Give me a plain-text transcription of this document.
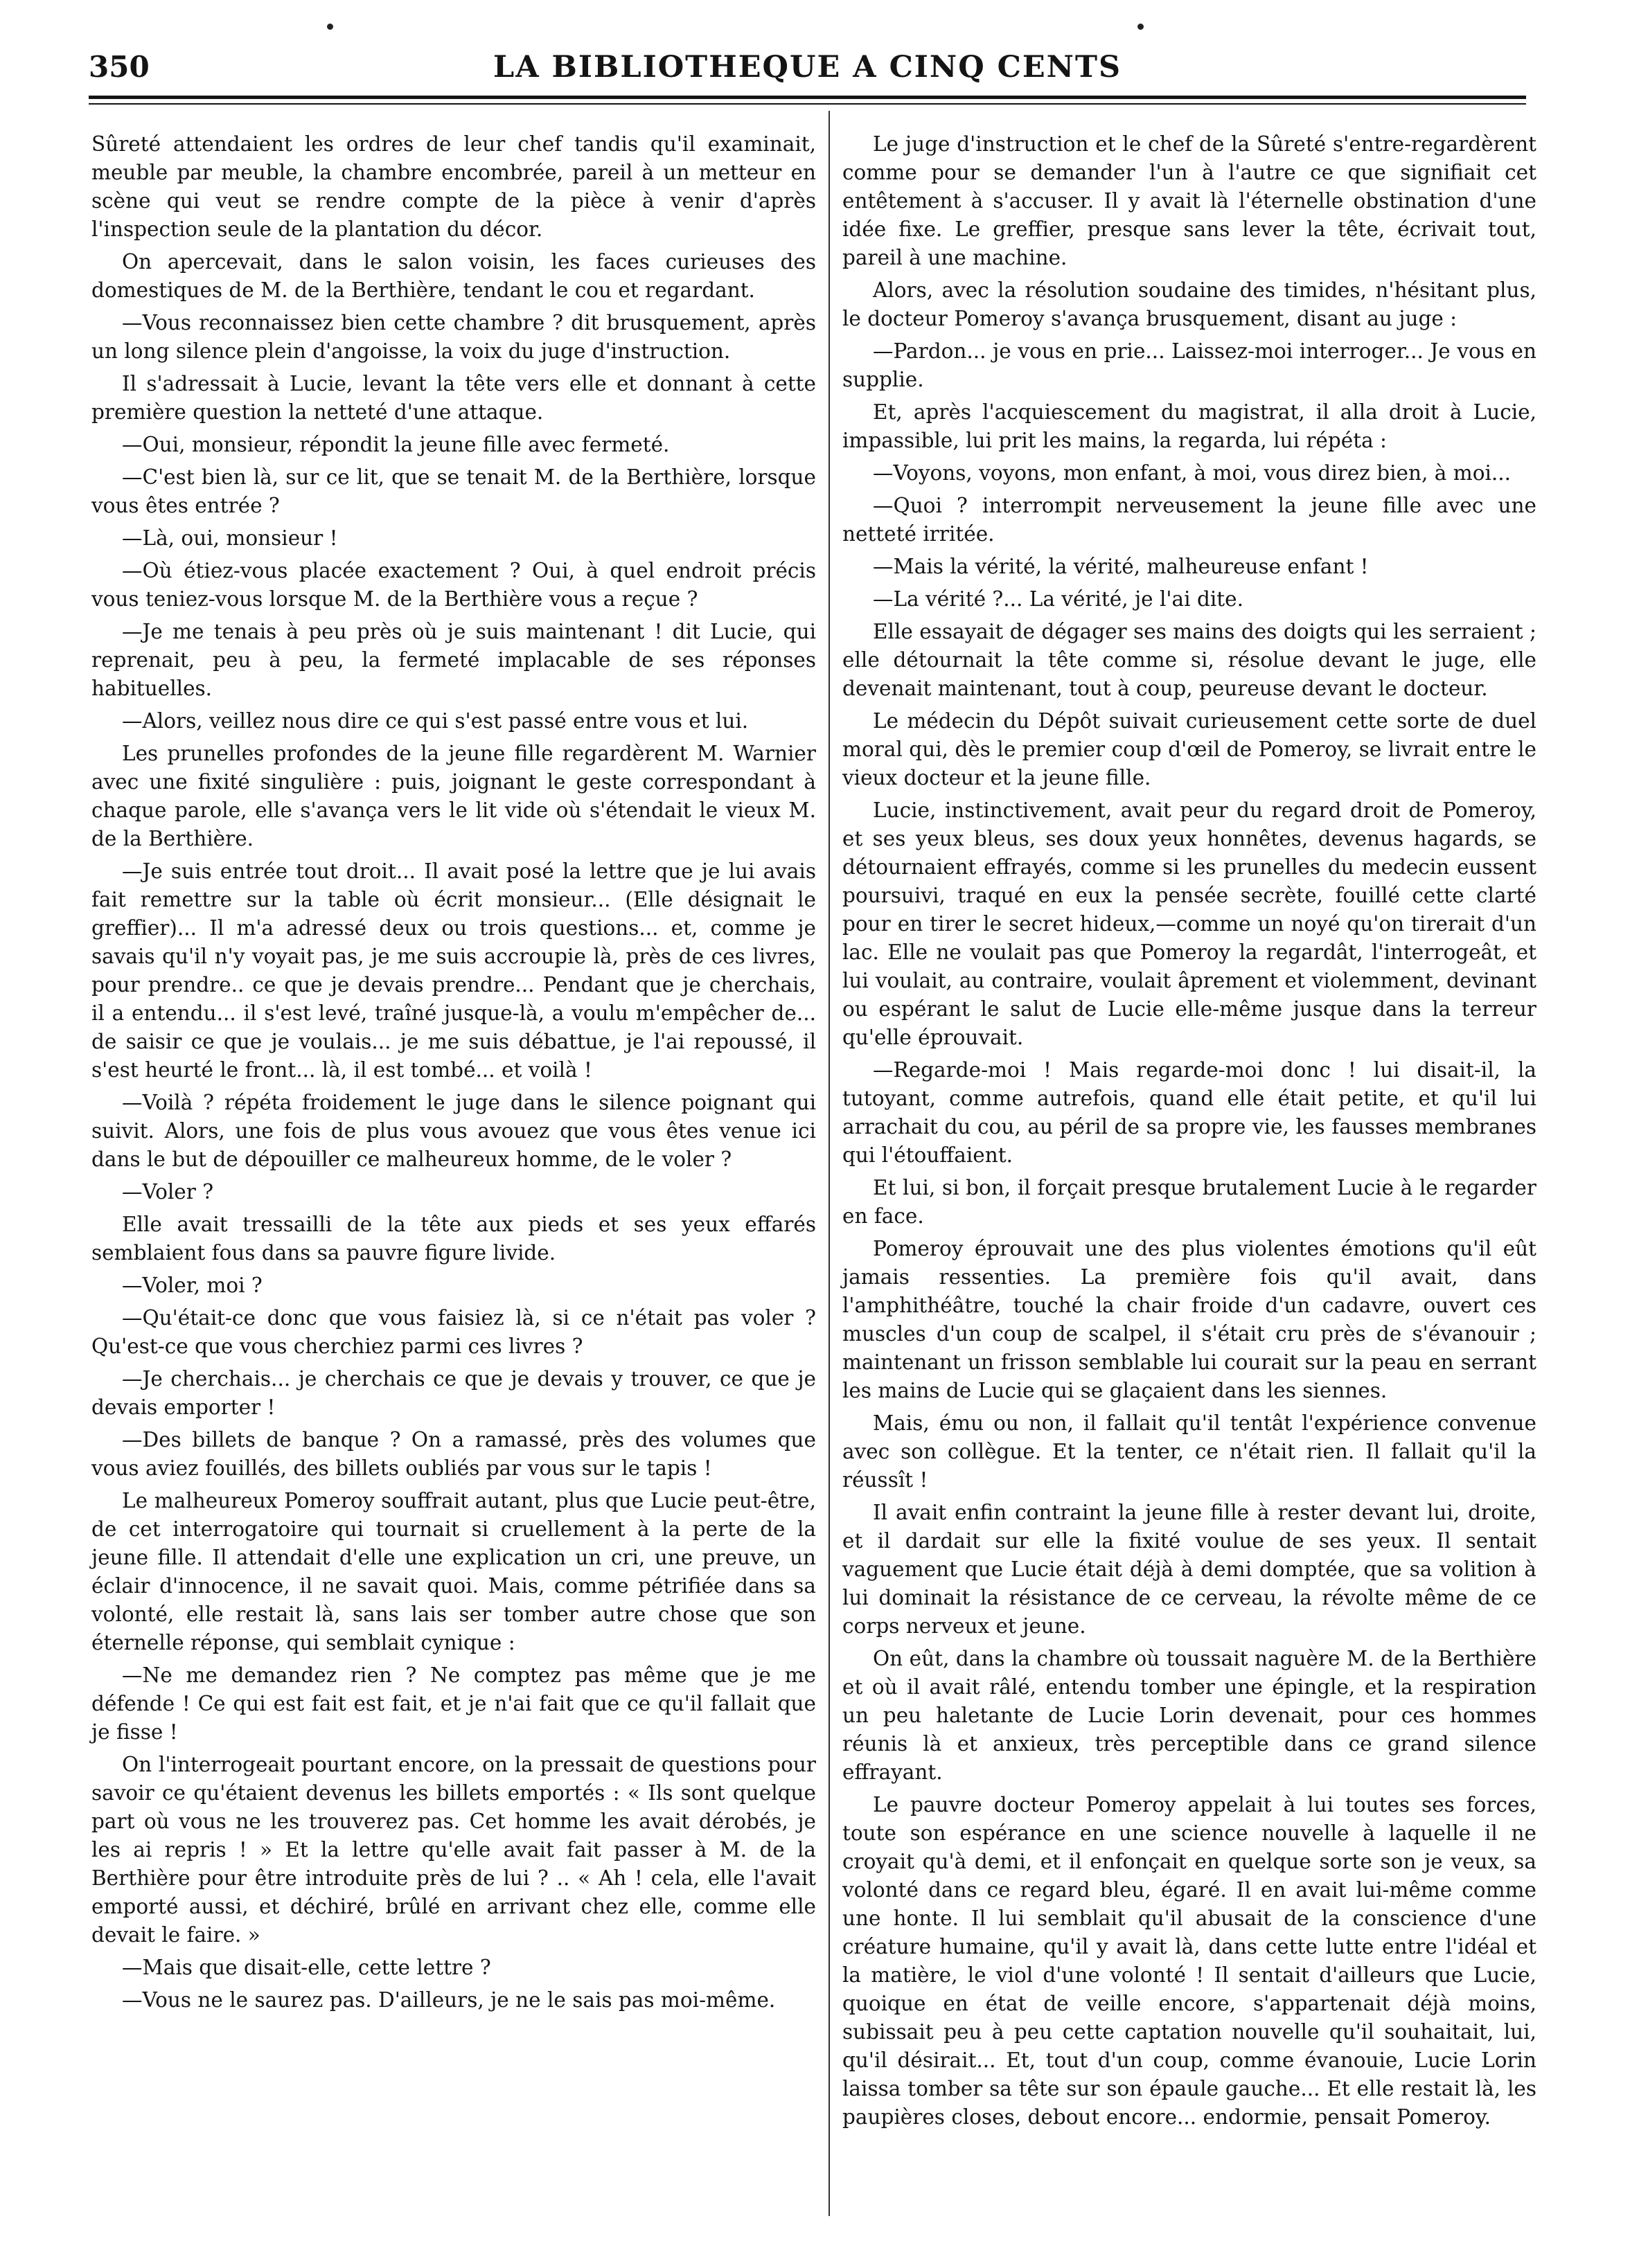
350	LA BIBLIOTHEQUE A CINQ CENTS

Sûreté attendaient les ordres de leur chef tandis qu'il examinait, meuble par meuble, la chambre encombrée, pareil à un metteur en scène qui veut se rendre compte de la pièce à venir d'après l'inspection seule de la plantation du décor.

On apercevait, dans le salon voisin, les faces curieuses des domestiques de M. de la Berthière, tendant le cou et regardant.

—Vous reconnaissez bien cette chambre ? dit brusquement, après un long silence plein d'angoisse, la voix du juge d'instruction.

Il s'adressait à Lucie, levant la tête vers elle et donnant à cette première question la netteté d'une attaque.

—Oui, monsieur, répondit la jeune fille avec fermeté.

—C'est bien là, sur ce lit, que se tenait M. de la Berthière, lorsque vous êtes entrée ?

—Là, oui, monsieur !

—Où étiez-vous placée exactement ? Oui, à quel endroit précis vous teniez-vous lorsque M. de la Berthière vous a reçue ?

—Je me tenais à peu près où je suis maintenant ! dit Lucie, qui reprenait, peu à peu, la fermeté implacable de ses réponses habituelles.

—Alors, veillez nous dire ce qui s'est passé entre vous et lui.

Les prunelles profondes de la jeune fille regardèrent M. Warnier avec une fixité singulière : puis, joignant le geste correspondant à chaque parole, elle s'avança vers le lit vide où s'étendait le vieux M. de la Berthière.

—Je suis entrée tout droit... Il avait posé la lettre que je lui avais fait remettre sur la table où écrit monsieur... (Elle désignait le greffier)... Il m'a adressé deux ou trois questions... et, comme je savais qu'il n'y voyait pas, je me suis accroupie là, près de ces livres, pour prendre.. ce que je devais prendre... Pendant que je cherchais, il a entendu... il s'est levé, traîné jusque-là, a voulu m'empêcher de... de saisir ce que je voulais... je me suis débattue, je l'ai repoussé, il s'est heurté le front... là, il est tombé... et voilà !

—Voilà ? répéta froidement le juge dans le silence poignant qui suivit. Alors, une fois de plus vous avouez que vous êtes venue ici dans le but de dépouiller ce malheureux homme, de le voler ?

—Voler ?

Elle avait tressailli de la tête aux pieds et ses yeux effarés semblaient fous dans sa pauvre figure livide.

—Voler, moi ?

—Qu'était-ce donc que vous faisiez là, si ce n'était pas voler ? Qu'est-ce que vous cherchiez parmi ces livres ?

—Je cherchais... je cherchais ce que je devais y trouver, ce que je devais emporter !

—Des billets de banque ? On a ramassé, près des volumes que vous aviez fouillés, des billets oubliés par vous sur le tapis !

Le malheureux Pomeroy souffrait autant, plus que Lucie peut-être, de cet interrogatoire qui tournait si cruellement à la perte de la jeune fille. Il attendait d'elle une explication un cri, une preuve, un éclair d'innocence, il ne savait quoi. Mais, comme pétrifiée dans sa volonté, elle restait là, sans lais ser tomber autre chose que son éternelle réponse, qui semblait cynique :

—Ne me demandez rien ? Ne comptez pas même que je me défende ! Ce qui est fait est fait, et je n'ai fait que ce qu'il fallait que je fisse !

On l'interrogeait pourtant encore, on la pressait de questions pour savoir ce qu'étaient devenus les billets emportés : « Ils sont quelque part où vous ne les trouverez pas. Cet homme les avait dérobés, je les ai repris ! » Et la lettre qu'elle avait fait passer à M. de la Berthière pour être introduite près de lui ? .. « Ah ! cela, elle l'avait emporté aussi, et déchiré, brûlé en arrivant chez elle, comme elle devait le faire. »

—Mais que disait-elle, cette lettre ?

—Vous ne le saurez pas. D'ailleurs, je ne le sais pas moi-même.

Le juge d'instruction et le chef de la Sûreté s'entre-regardèrent comme pour se demander l'un à l'autre ce que signifiait cet entêtement à s'accuser. Il y avait là l'éternelle obstination d'une idée fixe. Le greffier, presque sans lever la tête, écrivait tout, pareil à une machine.

Alors, avec la résolution soudaine des timides, n'hésitant plus, le docteur Pomeroy s'avança brusquement, disant au juge :

—Pardon... je vous en prie... Laissez-moi interroger... Je vous en supplie.

Et, après l'acquiescement du magistrat, il alla droit à Lucie, impassible, lui prit les mains, la regarda, lui répéta :

—Voyons, voyons, mon enfant, à moi, vous direz bien, à moi...

—Quoi ? interrompit nerveusement la jeune fille avec une netteté irritée.

—Mais la vérité, la vérité, malheureuse enfant !

—La vérité ?... La vérité, je l'ai dite.

Elle essayait de dégager ses mains des doigts qui les serraient ; elle détournait la tête comme si, résolue devant le juge, elle devenait maintenant, tout à coup, peureuse devant le docteur.

Le médecin du Dépôt suivait curieusement cette sorte de duel moral qui, dès le premier coup d'œil de Pomeroy, se livrait entre le vieux docteur et la jeune fille.

Lucie, instinctivement, avait peur du regard droit de Pomeroy, et ses yeux bleus, ses doux yeux honnêtes, devenus hagards, se détournaient effrayés, comme si les prunelles du medecin eussent poursuivi, traqué en eux la pensée secrète, fouillé cette clarté pour en tirer le secret hideux,—comme un noyé qu'on tirerait d'un lac. Elle ne voulait pas que Pomeroy la regardât, l'interrogeât, et lui voulait, au contraire, voulait âprement et violemment, devinant ou espérant le salut de Lucie elle-même jusque dans la terreur qu'elle éprouvait.

—Regarde-moi ! Mais regarde-moi donc ! lui disait-il, la tutoyant, comme autrefois, quand elle était petite, et qu'il lui arrachait du cou, au péril de sa propre vie, les fausses membranes qui l'étouffaient.

Et lui, si bon, il forçait presque brutalement Lucie à le regarder en face.

Pomeroy éprouvait une des plus violentes émotions qu'il eût jamais ressenties. La première fois qu'il avait, dans l'amphithéâtre, touché la chair froide d'un cadavre, ouvert ces muscles d'un coup de scalpel, il s'était cru près de s'évanouir ; maintenant un frisson semblable lui courait sur la peau en serrant les mains de Lucie qui se glaçaient dans les siennes.

Mais, ému ou non, il fallait qu'il tentât l'expérience convenue avec son collègue. Et la tenter, ce n'était rien. Il fallait qu'il la réussît !

Il avait enfin contraint la jeune fille à rester devant lui, droite, et il dardait sur elle la fixité voulue de ses yeux. Il sentait vaguement que Lucie était déjà à demi domptée, que sa volition à lui dominait la résistance de ce cerveau, la révolte même de ce corps nerveux et jeune.

On eût, dans la chambre où toussait naguère M. de la Berthière et où il avait râlé, entendu tomber une épingle, et la respiration un peu haletante de Lucie Lorin devenait, pour ces hommes réunis là et anxieux, très perceptible dans ce grand silence effrayant.

Le pauvre docteur Pomeroy appelait à lui toutes ses forces, toute son espérance en une science nouvelle à laquelle il ne croyait qu'à demi, et il enfonçait en quelque sorte son je veux, sa volonté dans ce regard bleu, égaré. Il en avait lui-même comme une honte. Il lui semblait qu'il abusait de la conscience d'une créature humaine, qu'il y avait là, dans cette lutte entre l'idéal et la matière, le viol d'une volonté ! Il sentait d'ailleurs que Lucie, quoique en état de veille encore, s'appartenait déjà moins, subissait peu à peu cette captation nouvelle qu'il souhaitait, lui, qu'il désirait... Et, tout d'un coup, comme évanouie, Lucie Lorin laissa tomber sa tête sur son épaule gauche... Et elle restait là, les paupières closes, debout encore... endormie, pensait Pomeroy.
